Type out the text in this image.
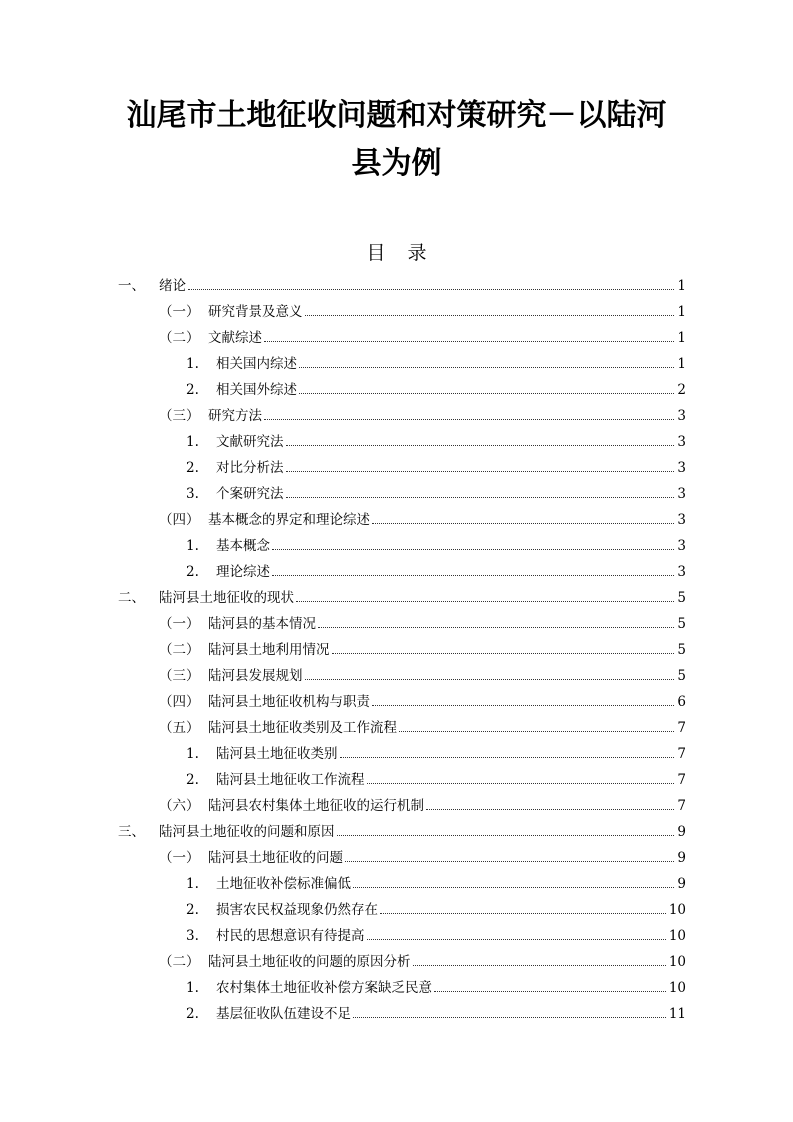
汕尾市土地征收问题和对策研究－以陆河
县为例
目录
一、	绪论	1
（一） 研究背景及意义	1
（二） 文献综述	1
1.	相关国内综述	1
2.	相关国外综述	2
（三） 研究方法	3
1.	文献研究法	3
2.	对比分析法	3
3.	个案研究法	3
（四） 基本概念的界定和理论综述	3
1.	基本概念	3
2.	理论综述	3
二、	陆河县土地征收的现状	5
（一） 陆河县的基本情况	5
（二） 陆河县土地利用情况	5
（三） 陆河县发展规划	5
（四） 陆河县土地征收机构与职责	6
（五） 陆河县土地征收类别及工作流程	7
1.	陆河县土地征收类别	7
2.	陆河县土地征收工作流程	7
（六） 陆河县农村集体土地征收的运行机制	7
三、	陆河县土地征收的问题和原因	9
（一） 陆河县土地征收的问题	9
1.	土地征收补偿标准偏低	9
2.	损害农民权益现象仍然存在	10
3.	村民的思想意识有待提高	10
（二） 陆河县土地征收的问题的原因分析	10
1.	农村集体土地征收补偿方案缺乏民意	10
2.	基层征收队伍建设不足	11
